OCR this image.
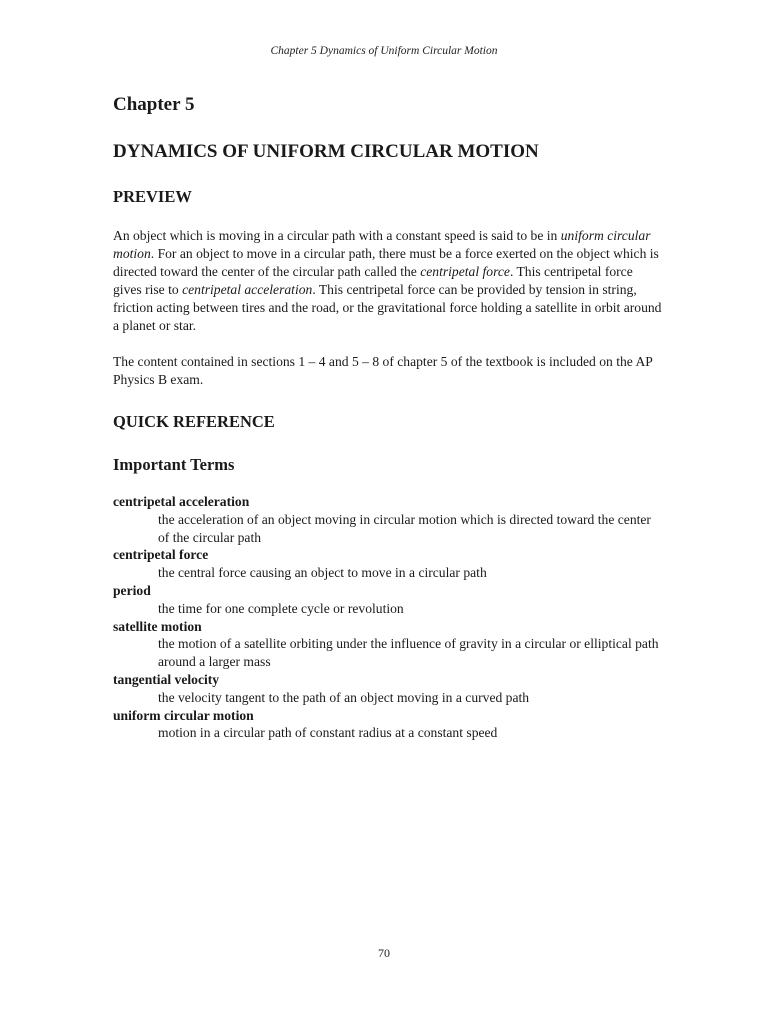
Chapter 5 Dynamics of Uniform Circular Motion
Chapter 5
DYNAMICS OF UNIFORM CIRCULAR MOTION
PREVIEW

An object which is moving in a circular path with a constant speed is said to be in uniform circular motion. For an object to move in a circular path, there must be a force exerted on the object which is directed toward the center of the circular path called the centripetal force. This centripetal force gives rise to centripetal acceleration. This centripetal force can be provided by tension in string, friction acting between tires and the road, or the gravitational force holding a satellite in orbit around a planet or star.

The content contained in sections 1 – 4 and 5 – 8 of chapter 5 of the textbook is included on the AP Physics B exam.

QUICK REFERENCE
Important Terms
centripetal acceleration
the acceleration of an object moving in circular motion which is directed toward the center of the circular path
centripetal force
the central force causing an object to move in a circular path
period
the time for one complete cycle or revolution
satellite motion
the motion of a satellite orbiting under the influence of gravity in a circular or elliptical path around a larger mass
tangential velocity
the velocity tangent to the path of an object moving in a curved path
uniform circular motion
motion in a circular path of constant radius at a constant speed
70
